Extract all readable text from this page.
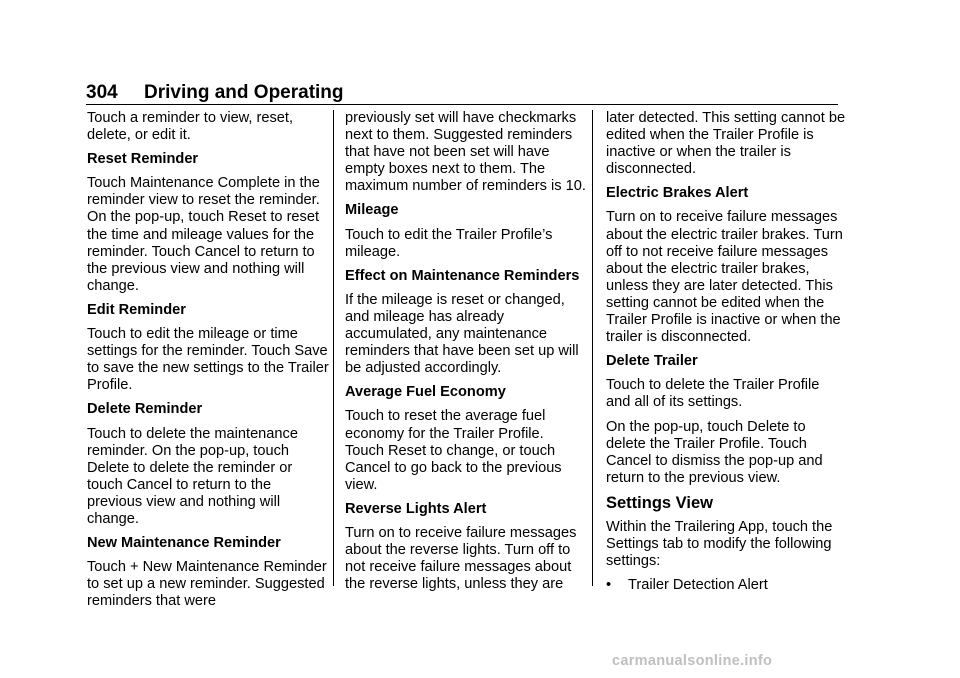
304	Driving and Operating

Touch a reminder to view, reset, delete, or edit it.

Reset Reminder

Touch Maintenance Complete in the reminder view to reset the reminder. On the pop-up, touch Reset to reset the time and mileage values for the reminder. Touch Cancel to return to the previous view and nothing will change.

Edit Reminder

Touch to edit the mileage or time settings for the reminder. Touch Save to save the new settings to the Trailer Profile.

Delete Reminder

Touch to delete the maintenance reminder. On the pop-up, touch Delete to delete the reminder or touch Cancel to return to the previous view and nothing will change.

New Maintenance Reminder

Touch + New Maintenance Reminder to set up a new reminder. Suggested reminders that were

previously set will have checkmarks next to them. Suggested reminders that have not been set will have empty boxes next to them. The maximum number of reminders is 10.

Mileage

Touch to edit the Trailer Profile’s mileage.

Effect on Maintenance Reminders

If the mileage is reset or changed, and mileage has already accumulated, any maintenance reminders that have been set up will be adjusted accordingly.

Average Fuel Economy

Touch to reset the average fuel economy for the Trailer Profile. Touch Reset to change, or touch Cancel to go back to the previous view.

Reverse Lights Alert

Turn on to receive failure messages about the reverse lights. Turn off to not receive failure messages about the reverse lights, unless they are

later detected. This setting cannot be edited when the Trailer Profile is inactive or when the trailer is disconnected.

Electric Brakes Alert

Turn on to receive failure messages about the electric trailer brakes. Turn off to not receive failure messages about the electric trailer brakes, unless they are later detected. This setting cannot be edited when the Trailer Profile is inactive or when the trailer is disconnected.

Delete Trailer

Touch to delete the Trailer Profile and all of its settings.

On the pop-up, touch Delete to delete the Trailer Profile. Touch Cancel to dismiss the pop-up and return to the previous view.

Settings View

Within the Trailering App, touch the Settings tab to modify the following settings:

•	Trailer Detection Alert
carmanualsonline.info
